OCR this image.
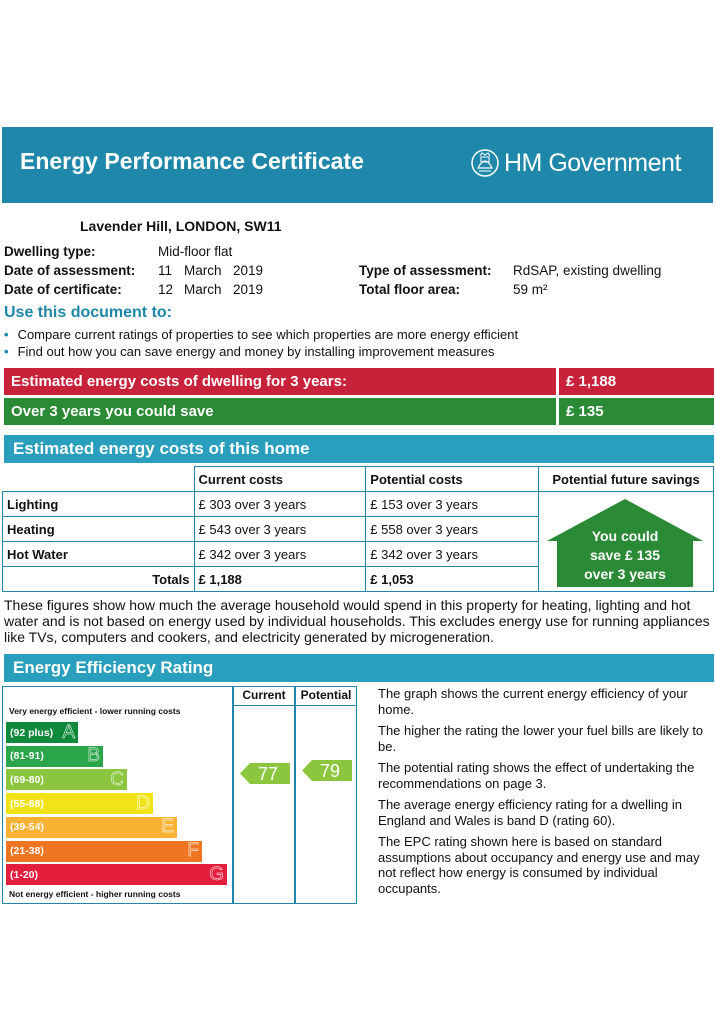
Energy Performance Certificate	HM Government
Lavender Hill, LONDON, SW11
Dwelling type:	Mid-floor flat
Date of assessment: 11 March 2019
Date of certificate:	12 March 2019
Type of assessment: RdSAP, existing dwelling
Total floor area:	59 m²
Use this document to:
• Compare current ratings of properties to see which properties are more energy efficient
• Find out how you can save energy and money by installing improvement measures
Estimated energy costs of dwelling for 3 years:	£ 1,188
Over 3 years you could save	£ 135
Estimated energy costs of this home
	Current costs	Potential costs	Potential future savings
Lighting	£ 303 over 3 years	£ 153 over 3 years	
Heating	£ 543 over 3 years	£ 558 over 3 years	
Hot Water	£ 342 over 3 years	£ 342 over 3 years	
Totals	£ 1,188	£ 1,053	
You could
save £ 135
over 3 years
These figures show how much the average household would spend in this property for heating, lighting and hot water and is not based on energy used by individual households. This excludes energy use for running appliances like TVs, computers and cookers, and electricity generated by microgeneration.
Energy Efficiency Rating
Current	Potential
Very energy efficient - lower running costs
Not energy efficient - higher running costs
(92 plus) A
(81-91) B
(69-80)	C
(55-68)	D
(39-54)	E
(21-38)	F
(1-20)	G
77	79
The graph shows the current energy efficiency of your home.
The higher the rating the lower your fuel bills are likely to be.
The potential rating shows the effect of undertaking the recommendations on page 3.
The average energy efficiency rating for a dwelling in England and Wales is band D (rating 60).
The EPC rating shown here is based on standard assumptions about occupancy and energy use and may not reflect how energy is consumed by individual occupants.
